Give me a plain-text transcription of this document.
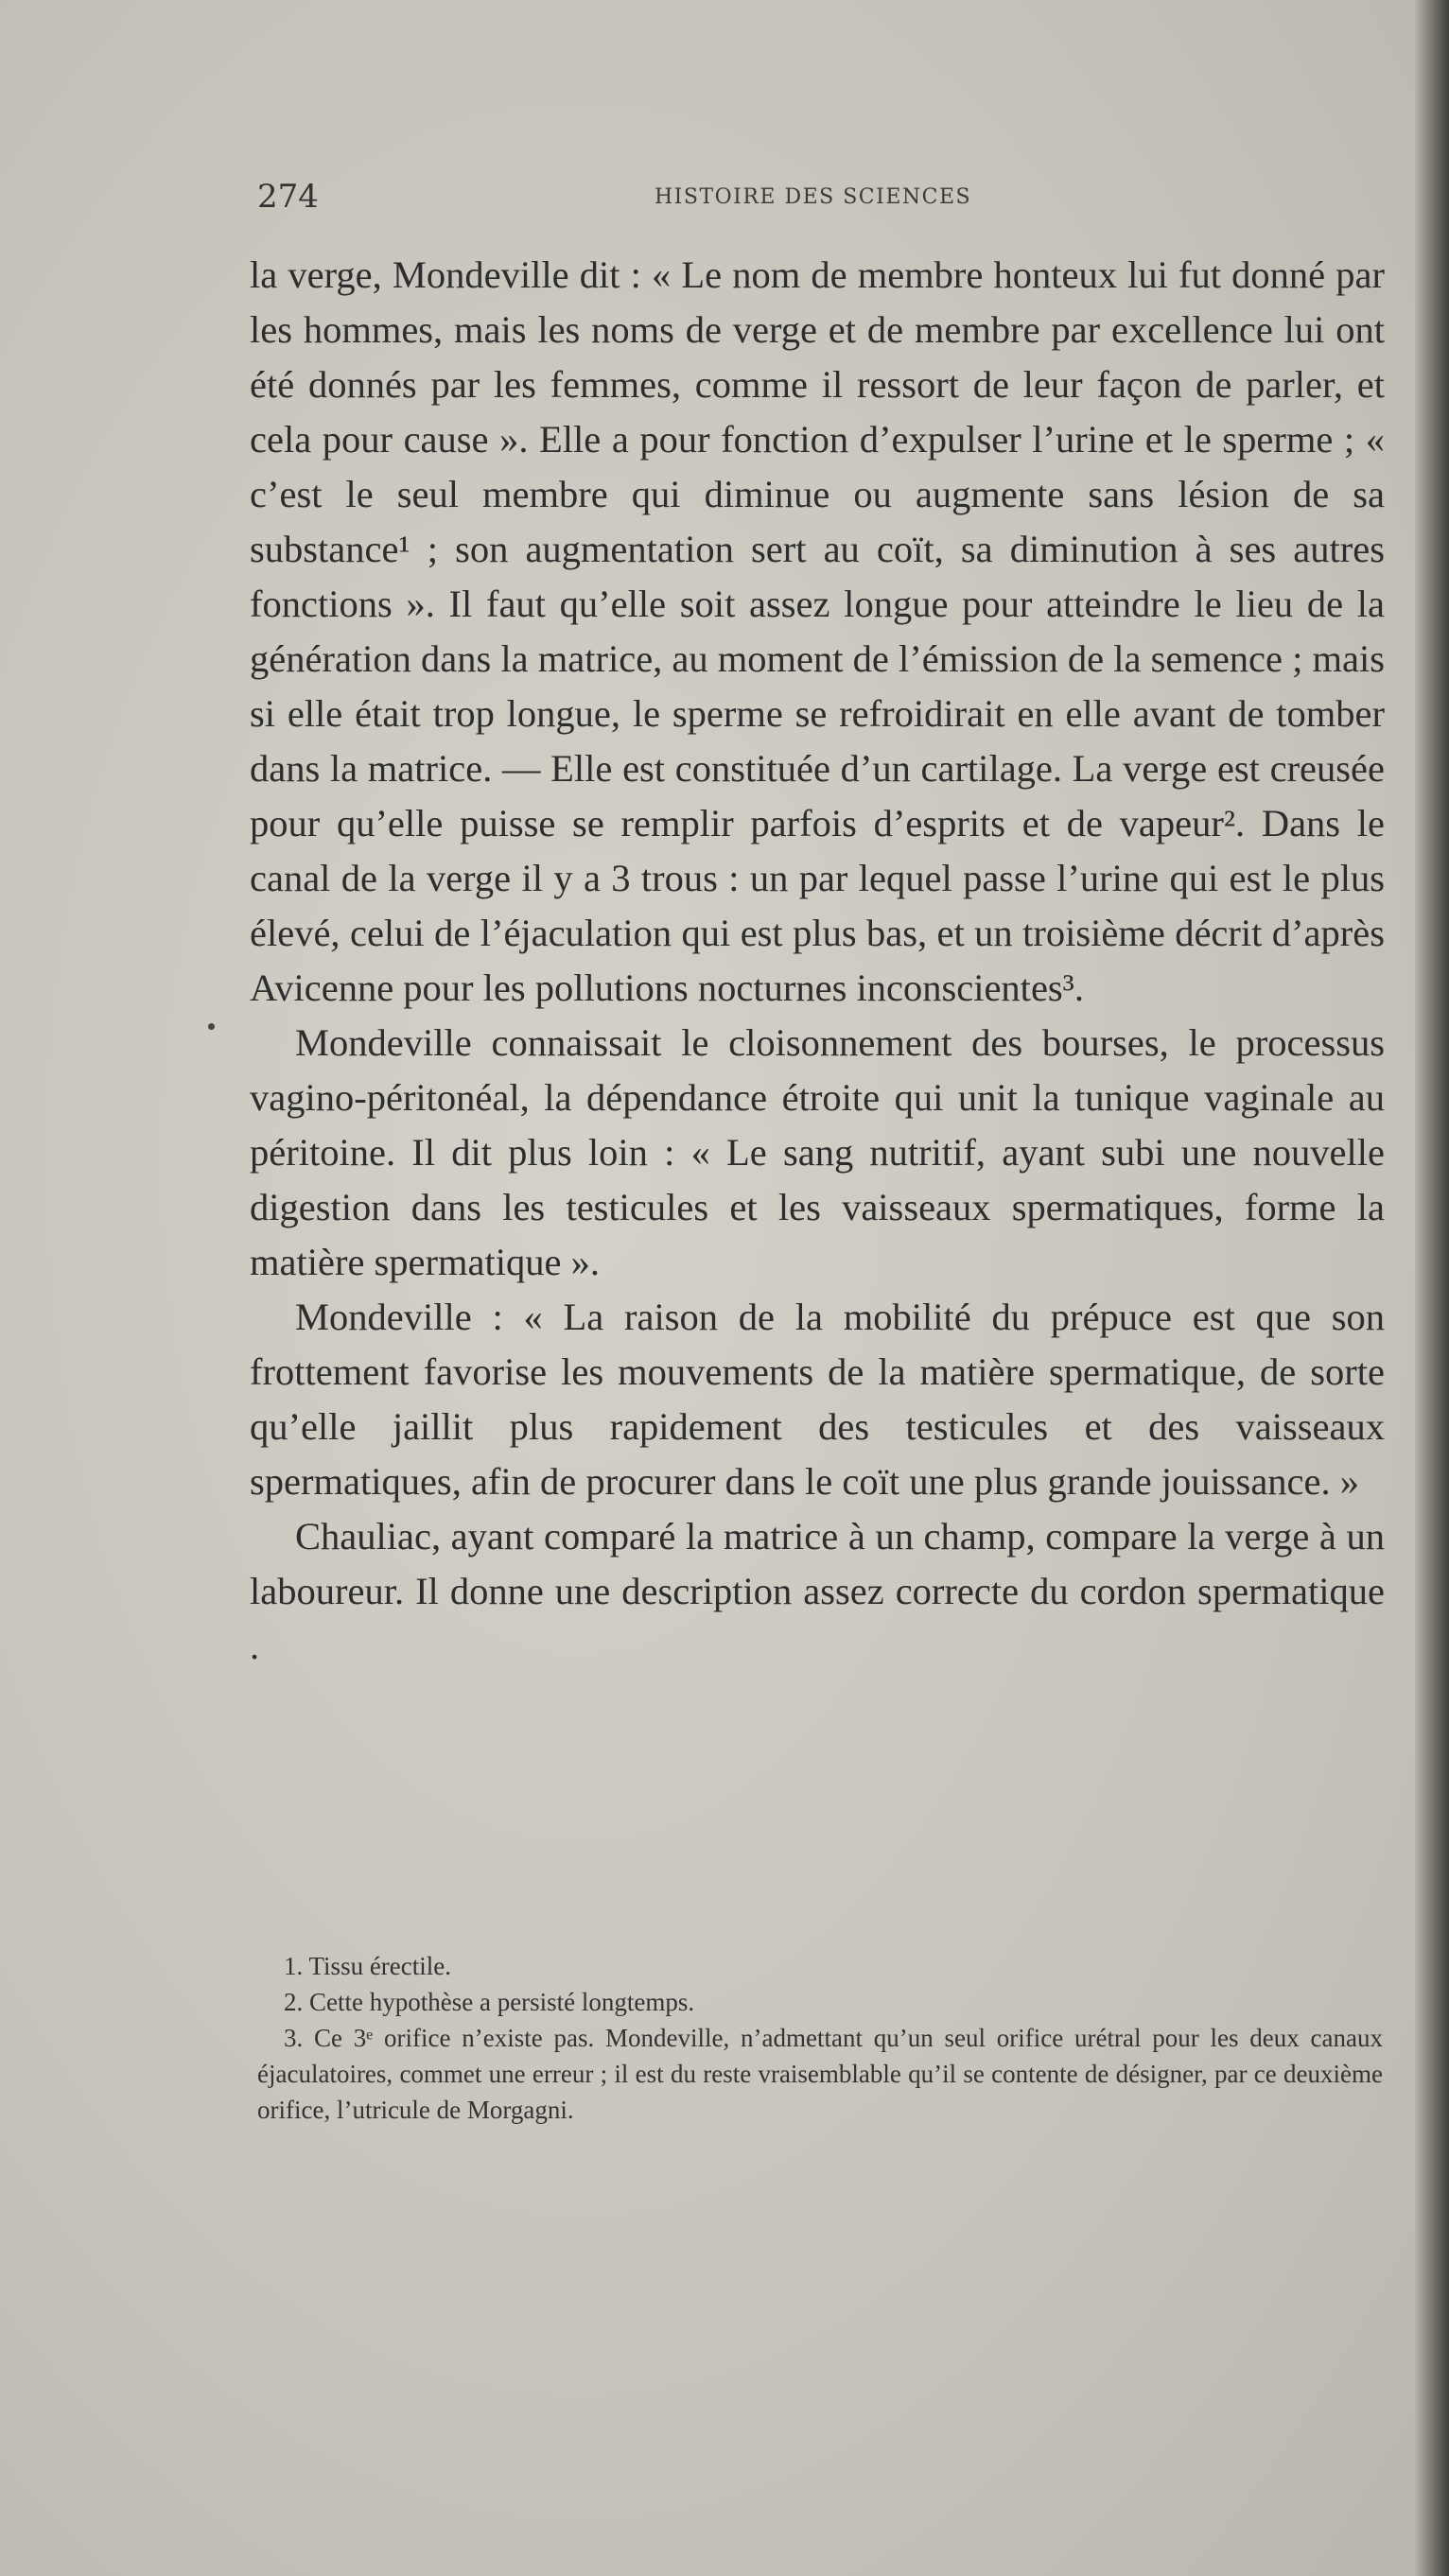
274	HISTOIRE DES SCIENCES

la verge, Mondeville dit : « Le nom de membre honteux lui fut donné par les hommes, mais les noms de verge et de membre par excellence lui ont été donnés par les femmes, comme il ressort de leur façon de parler, et cela pour cause ». Elle a pour fonction d’expulser l’urine et le sperme ; « c’est le seul membre qui diminue ou augmente sans lésion de sa substance¹ ; son augmentation sert au coït, sa diminution à ses autres fonctions ». Il faut qu’elle soit assez longue pour atteindre le lieu de la génération dans la matrice, au moment de l’émission de la semence ; mais si elle était trop longue, le sperme se refroidirait en elle avant de tomber dans la matrice. — Elle est constituée d’un cartilage. La verge est creusée pour qu’elle puisse se remplir parfois d’esprits et de vapeur². Dans le canal de la verge il y a 3 trous : un par lequel passe l’urine qui est le plus élevé, celui de l’éjaculation qui est plus bas, et un troisième décrit d’après Avicenne pour les pollutions nocturnes inconscientes³.

Mondeville connaissait le cloisonnement des bourses, le processus vagino-péritonéal, la dépendance étroite qui unit la tunique vaginale au péritoine. Il dit plus loin : « Le sang nutritif, ayant subi une nouvelle digestion dans les testicules et les vaisseaux spermatiques, forme la matière spermatique ».

Mondeville : « La raison de la mobilité du prépuce est que son frottement favorise les mouvements de la matière spermatique, de sorte qu’elle jaillit plus rapidement des testicules et des vaisseaux spermatiques, afin de procurer dans le coït une plus grande jouissance. »

Chauliac, ayant comparé la matrice à un champ, compare la verge à un laboureur. Il donne une description assez correcte du cordon spermatique .

1. Tissu érectile.

2. Cette hypothèse a persisté longtemps.

3. Ce 3ᵉ orifice n’existe pas. Mondeville, n’admettant qu’un seul orifice urétral pour les deux canaux éjaculatoires, commet une erreur ; il est du reste vraisemblable qu’il se contente de désigner, par ce deuxième orifice, l’utricule de Morgagni.
